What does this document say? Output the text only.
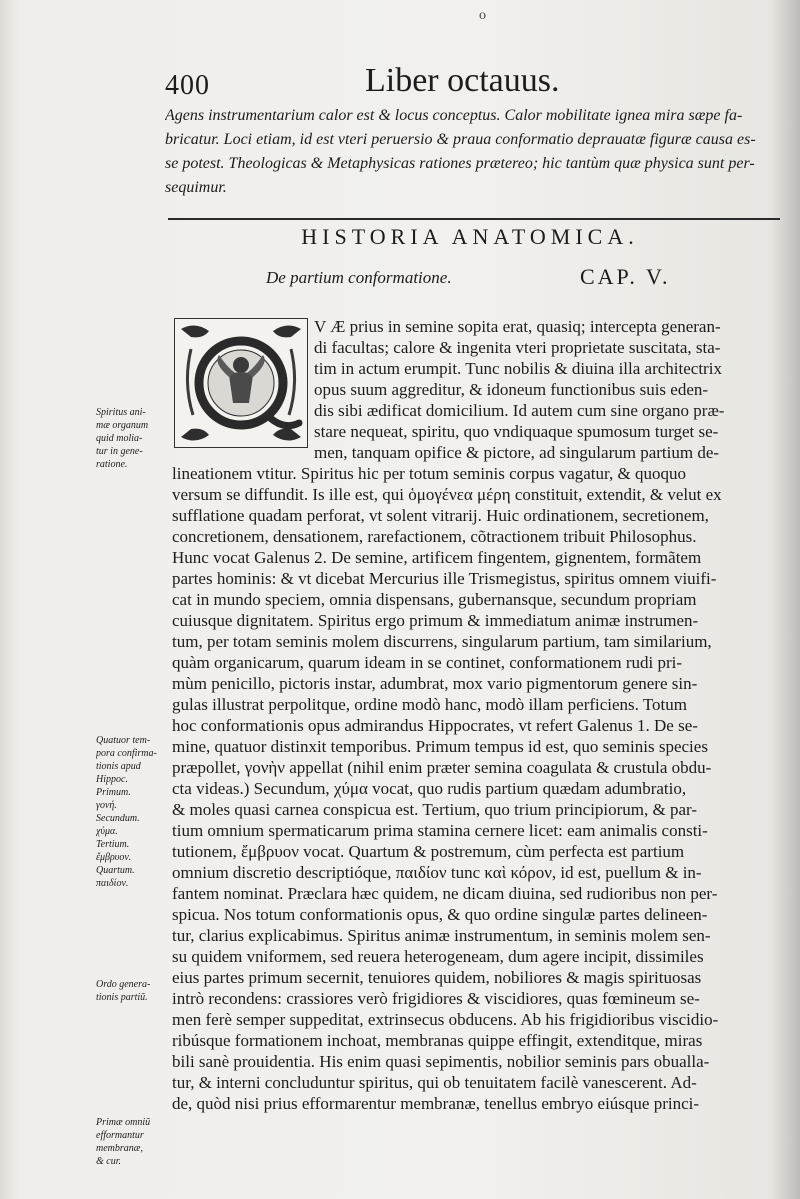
o
400	Liber octauus.
Agens instrumentarium calor est & locus conceptus. Calor mobilitate ignea mira sæpe fa-
bricatur. Loci etiam, id est vteri peruersio & praua conformatio deprauatæ figuræ causa es-
se potest. Theologicas & Metaphysicas rationes prætereo; hic tantùm quæ physica sunt per-
sequimur.
HISTORIA ANATOMICA.
De partium conformatione.	CAP. V.
V Æ prius in semine sopita erat, quasiq; intercepta generan-
di facultas; calore & ingenita vteri proprietate suscitata, sta-
tim in actum erumpit. Tunc nobilis & diuina illa architectrix
opus suum aggreditur, & idoneum functionibus suis eden-
dis sibi ædificat domicilium. Id autem cum sine organo præ-
stare nequeat, spiritu, quo vndiquaque spumosum turget se-
men, tanquam opifice & pictore, ad singularum partium de-
lineationem vtitur. Spiritus hic per totum seminis corpus vagatur, & quoquo
versum se diffundit. Is ille est, qui ὁμογένεα μέρη constituit, extendit, & velut ex
sufflatione quadam perforat, vt solent vitrarij. Huic ordinationem, secretionem,
concretionem, densationem, rarefactionem, cõtractionem tribuit Philosophus.
Hunc vocat Galenus 2. De semine, artificem fingentem, gignentem, formãtem
partes hominis: & vt dicebat Mercurius ille Trismegistus, spiritus omnem viuifi-
cat in mundo speciem, omnia dispensans, gubernansque, secundum propriam
cuiusque dignitatem. Spiritus ergo primum & immediatum animæ instrumen-
tum, per totam seminis molem discurrens, singularum partium, tam similarium,
quàm organicarum, quarum ideam in se continet, conformationem rudi pri-
mùm penicillo, pictoris instar, adumbrat, mox vario pigmentorum genere sin-
gulas illustrat perpolitque, ordine modò hanc, modò illam perficiens. Totum
hoc conformationis opus admirandus Hippocrates, vt refert Galenus 1. De se-
mine, quatuor distinxit temporibus. Primum tempus id est, quo seminis species
præpollet, γονὴν appellat (nihil enim præter semina coagulata & crustula obdu-
cta videas.) Secundum, χύμα vocat, quo rudis partium quædam adumbratio,
& moles quasi carnea conspicua est. Tertium, quo trium principiorum, & par-
tium omnium spermaticarum prima stamina cernere licet: eam animalis consti-
tutionem, ἔμβρυον vocat. Quartum & postremum, cùm perfecta est partium
omnium discretio descriptióque, παιδίον tunc καὶ κόρον, id est, puellum & in-
fantem nominat. Præclara hæc quidem, ne dicam diuina, sed rudioribus non per-
spicua. Nos totum conformationis opus, & quo ordine singulæ partes delineen-
tur, clarius explicabimus. Spiritus animæ instrumentum, in seminis molem sen-
su quidem vniformem, sed reuera heterogeneam, dum agere incipit, dissimiles
eius partes primum secernit, tenuiores quidem, nobiliores & magis spirituosas
intrò recondens: crassiores verò frigidiores & viscidiores, quas fœmineum se-
men ferè semper suppeditat, extrinsecus obducens. Ab his frigidioribus viscidio-
ribúsque formationem inchoat, membranas quippe effingit, extenditque, miras
bili sanè prouidentia. His enim quasi sepimentis, nobilior seminis pars obualla-
tur, & interni concluduntur spiritus, qui ob tenuitatem facilè vanescerent. Ad-
de, quòd nisi prius efformarentur membranæ, tenellus embryo eiúsque princi-
Q
Spiritus ani-
mæ organum
quid molia-
tur in gene-
ratione.
Quatuor tem-
pora confirma-
tionis apud
Hippoc.
Primum.
γονή.
Secundum.
χύμα.
Tertium.
ἔμβρυον.
Quartum.
παιδίον.
Ordo genera-
tionis partiũ.
Primæ omniũ
efformantur
membranæ,
& cur.
